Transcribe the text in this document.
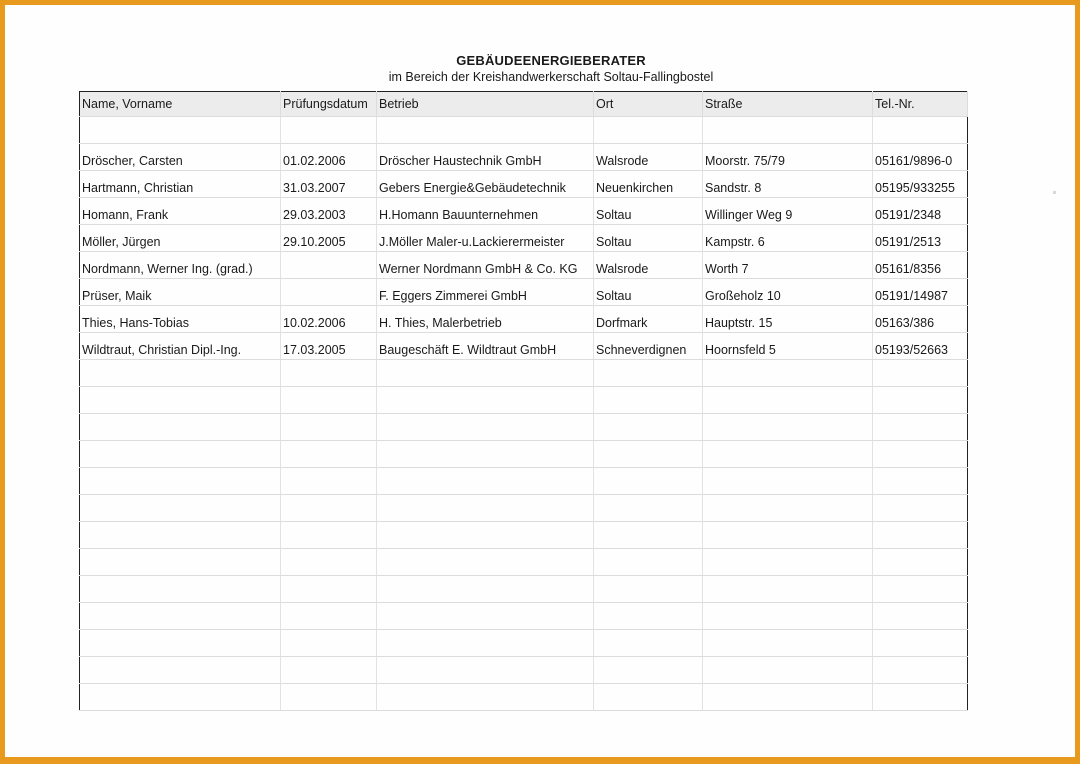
GEBÄUDEENERGIEBERATER
im Bereich der Kreishandwerkerschaft Soltau-Fallingbostel
Name, Vorname	Prüfungsdatum	Betrieb	Ort	Straße	Tel.-Nr.

Dröscher, Carsten	01.02.2006	Dröscher Haustechnik GmbH	Walsrode	Moorstr. 75/79	05161/9896-0
Hartmann, Christian	31.03.2007	Gebers Energie&Gebäudetechnik	Neuenkirchen	Sandstr. 8	05195/933255
Homann, Frank	29.03.2003	H.Homann Bauunternehmen	Soltau	Willinger Weg 9	05191/2348
Möller, Jürgen	29.10.2005	J.Möller Maler-u.Lackierermeister	Soltau	Kampstr. 6	05191/2513
Nordmann, Werner Ing. (grad.)		Werner Nordmann GmbH & Co. KG	Walsrode	Worth 7	05161/8356
Prüser, Maik		F. Eggers Zimmerei GmbH	Soltau	Großeholz 10	05191/14987
Thies, Hans-Tobias	10.02.2006	H. Thies, Malerbetrieb	Dorfmark	Hauptstr. 15	05163/386
Wildtraut, Christian Dipl.-Ing.	17.03.2005	Baugeschäft E. Wildtraut GmbH	Schneverdignen	Hoornsfeld 5	05193/52663
